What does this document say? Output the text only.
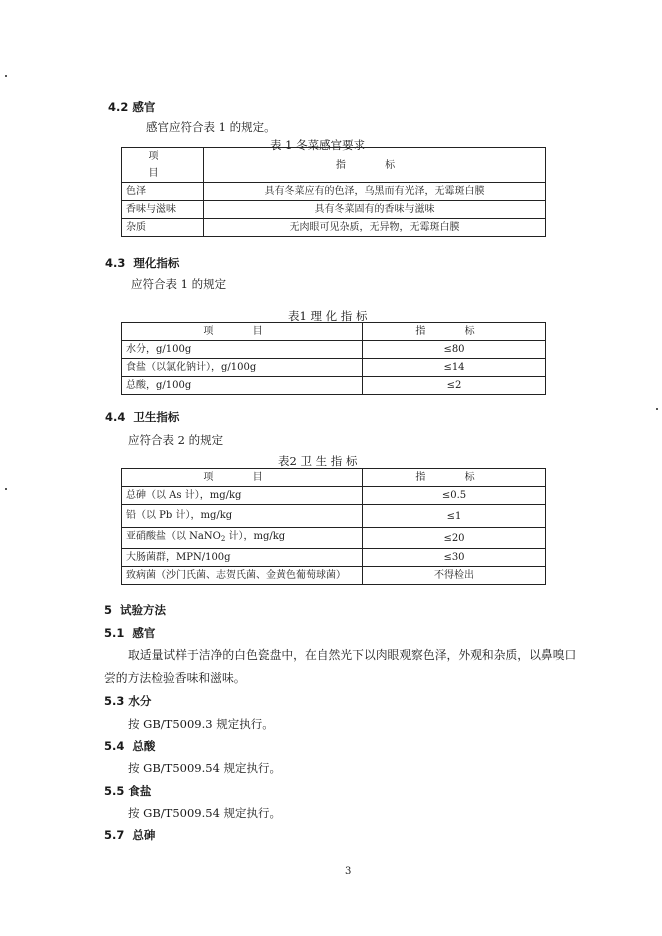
4.2 感官
感官应符合表 1 的规定。
表 1 冬菜感官要求
项 目	指 标
色泽	具有冬菜应有的色泽，乌黑而有光泽，无霉斑白膜
香味与滋味	具有冬菜固有的香味与滋味
杂质	无肉眼可见杂质，无异物，无霉斑白膜
4.3 理化指标
应符合表 1 的规定
表1 理 化 指 标
项 目	指 标
水分，g/100g	≤80
食盐（以氯化钠计），g/100g	≤14
总酸，g/100g	≤2
4.4 卫生指标
应符合表 2 的规定
表2 卫 生 指 标
项 目	指 标
总砷（以 As 计），mg/kg	≤0.5
铅（以 Pb 计），mg/kg	≤1
亚硝酸盐（以 NaNO$_2$ 计），mg/kg	≤20
大肠菌群，MPN/100g	≤30
致病菌（沙门氏菌、志贺氏菌、金黄色葡萄球菌）	不得检出
5 试验方法
5.1 感官
取适量试样于洁净的白色瓷盘中，在自然光下以肉眼观察色泽，外观和杂质，以鼻嗅口
尝的方法检验香味和滋味。
5.3 水分
按 GB/T5009.3 规定执行。
5.4 总酸
按 GB/T5009.54 规定执行。
5.5 食盐
按 GB/T5009.54 规定执行。
5.7 总砷
3
